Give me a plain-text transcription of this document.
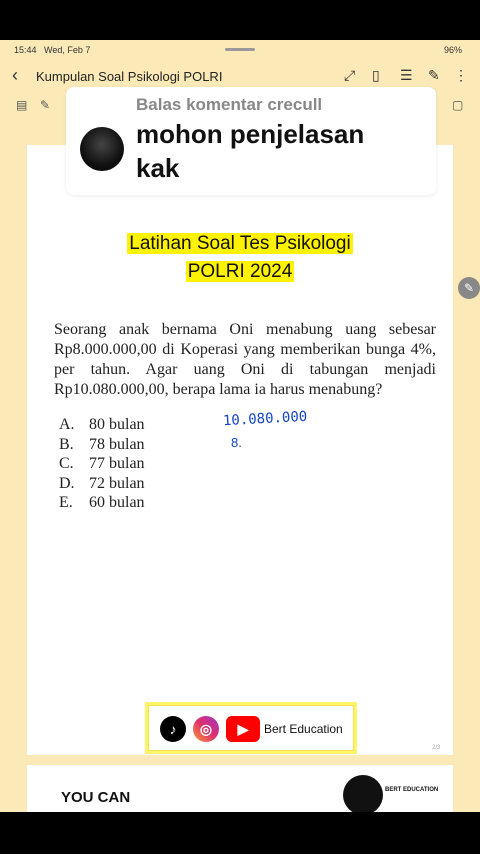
15:44 Wed, Feb 7	96%
‹ Kumpulan Soal Psikologi POLRI	⤢ ▯ ☰ ✎ ⋮
▤ ✎	▢
Latihan Soal Tes Psikologi
POLRI 2024
Seorang anak bernama Oni menabung uang sebesar Rp8.000.000,00 di Koperasi yang memberikan bunga 4%, per tahun. Agar uang Oni di tabungan menjadi Rp10.080.000,00, berapa lama ia harus menabung?
A. 80 bulan
B. 78 bulan
C. 77 bulan
D. 72 bulan
E. 60 bulan
10.080.000
8.
♪	◎	▶	Bert Education
2/3
YOU CAN	BERT EDUCATION
Balas komentar crecull
mohon penjelasan kak
✎
